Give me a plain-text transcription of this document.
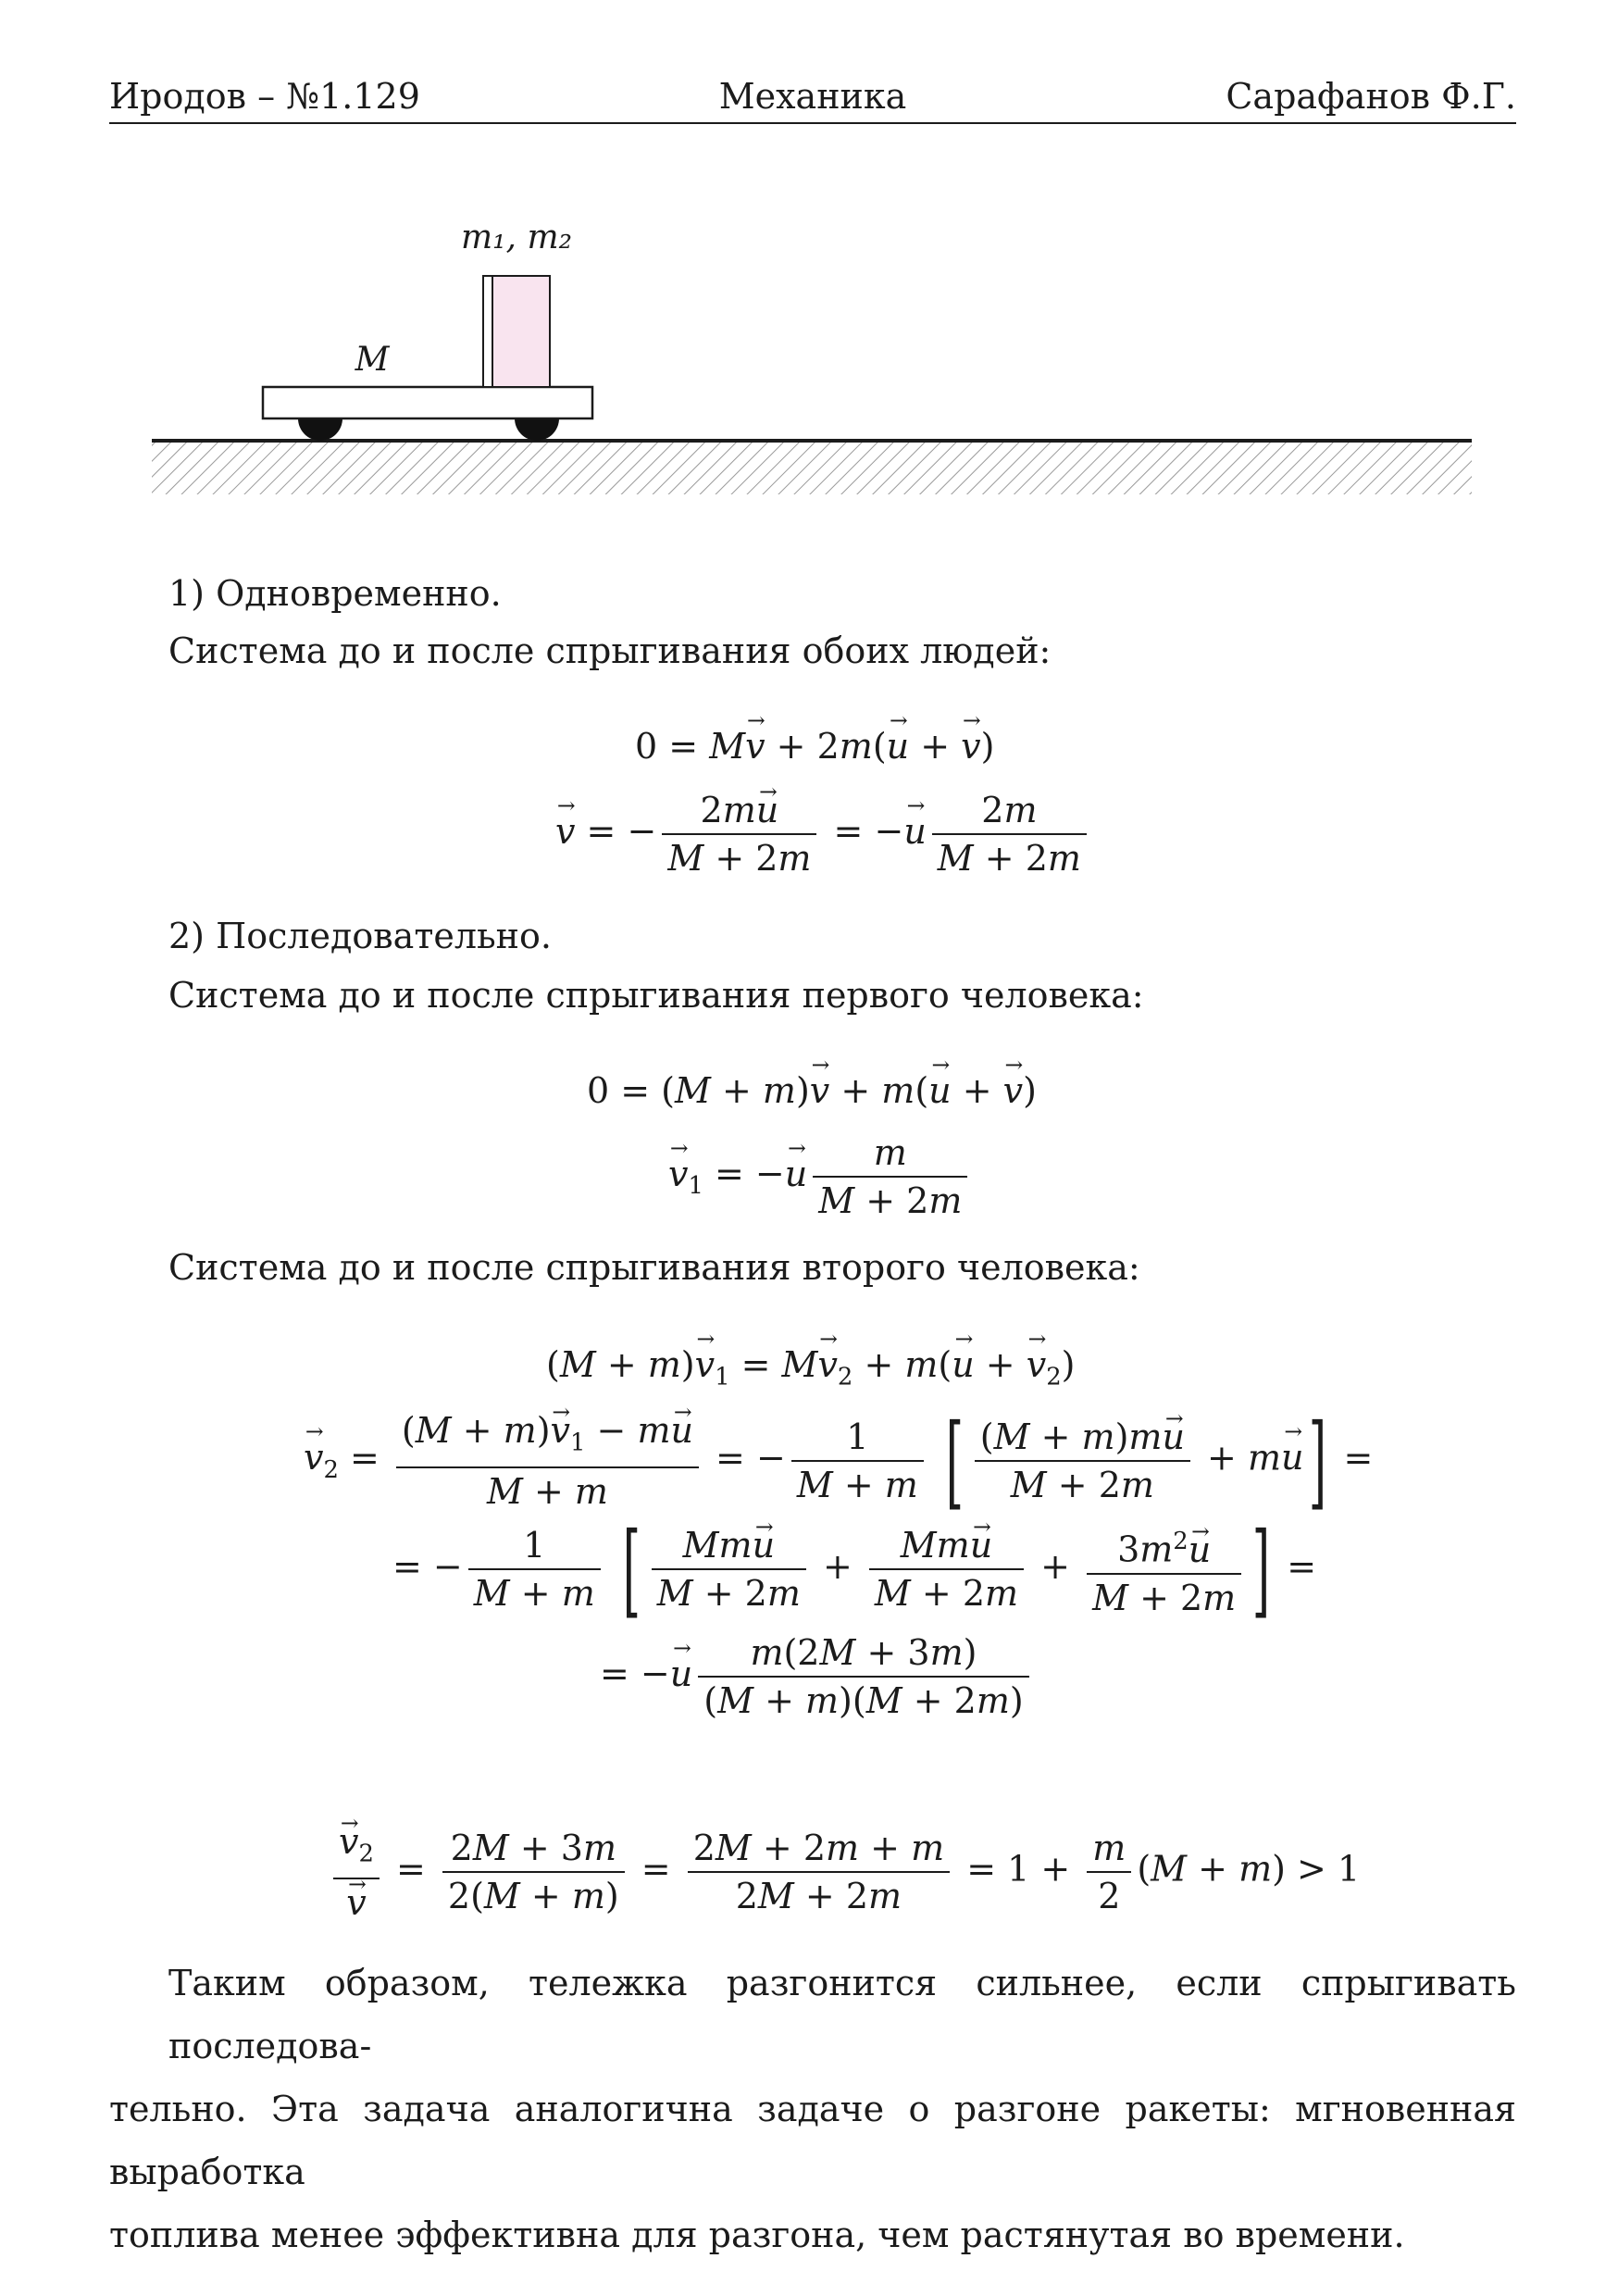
Иродов – №1.129	Механика	Сарафанов Ф.Г.
m₁, m₂
M
1) Одновременно.
Система до и после спрыгивания обоих людей:
0 = M→ v + 2m(→ u + → v)
→ v = − $\frac{2m\to u}{M + 2m}$ = −→ u $\frac{2m}{M + 2m}$
2) Последовательно.
Система до и после спрыгивания первого человека:
0 = (M + m)→ v + m(→ u + → v)
→ $v_1$ = −→ u $\frac{m}{M + 2m}$
Система до и после спрыгивания второго человека:
$(M + m)\to v_1 = M\to v_2 + m(\to u$ + → $v_2$)
→ $v_2 = \frac{(M + m)\to v_1 - m\to u}{M + m}$ = − $\frac{1}{M + m}$ [ $\frac{(M + m)m\to u}{M + 2m} + m\to u$] =
= − $\frac{1}{M + m}$ [ $\frac{Mm\to u}{M + 2m} + \frac{Mm\to u}{M + 2m} + \frac{3m^2\to u}{M + 2m}$ ] =
= −→ u $\frac{m(2M + 3m)}{(M + m)(M + 2m)}$
→ $v_2$
→ $v = \frac{2M + 3m}{2(M + m)} = \frac{2M + 2m + m}{2M + 2m} = 1 + \frac{m}{2} (M + m) > 1$
Таким образом, тележка разгонится сильнее, если спрыгивать последова-
тельно. Эта задача аналогична задаче о разгоне ракеты: мгновенная выработка
топлива менее эффективна для разгона, чем растянутая во времени.
